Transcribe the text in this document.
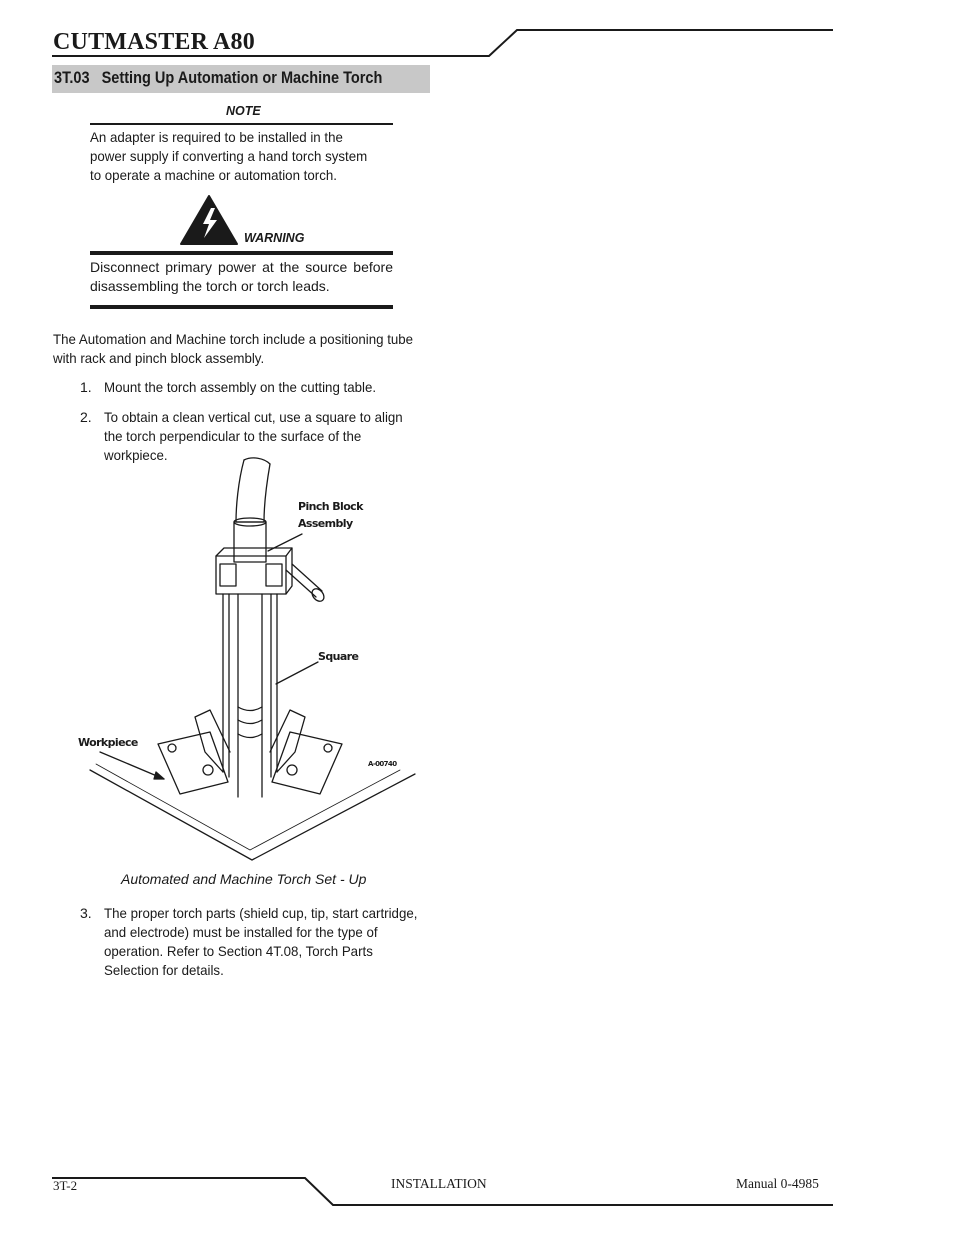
CUTMASTER A80
3T.03   Setting Up Automation or Machine Torch
NOTE
An adapter is required to be installed in the power supply if converting a hand torch system to operate a machine or automation torch.
WARNING
Disconnect primary power at the source before disassembling the torch or torch leads.
The Automation and Machine torch include a positioning tube with rack and pinch block assembly.
1. Mount the torch assembly on the cutting table.
2. To obtain a clean vertical cut, use a square to align the torch perpendicular to the surface of the workpiece.
Pinch Block
Assembly
Square
Workpiece
A-00740
Automated and Machine Torch Set - Up
3. The proper torch parts (shield cup, tip, start cartridge, and electrode) must be installed for the type of operation. Refer to Section 4T.08, Torch Parts Selection for details.
3T-2	INSTALLATION	Manual 0-4985
